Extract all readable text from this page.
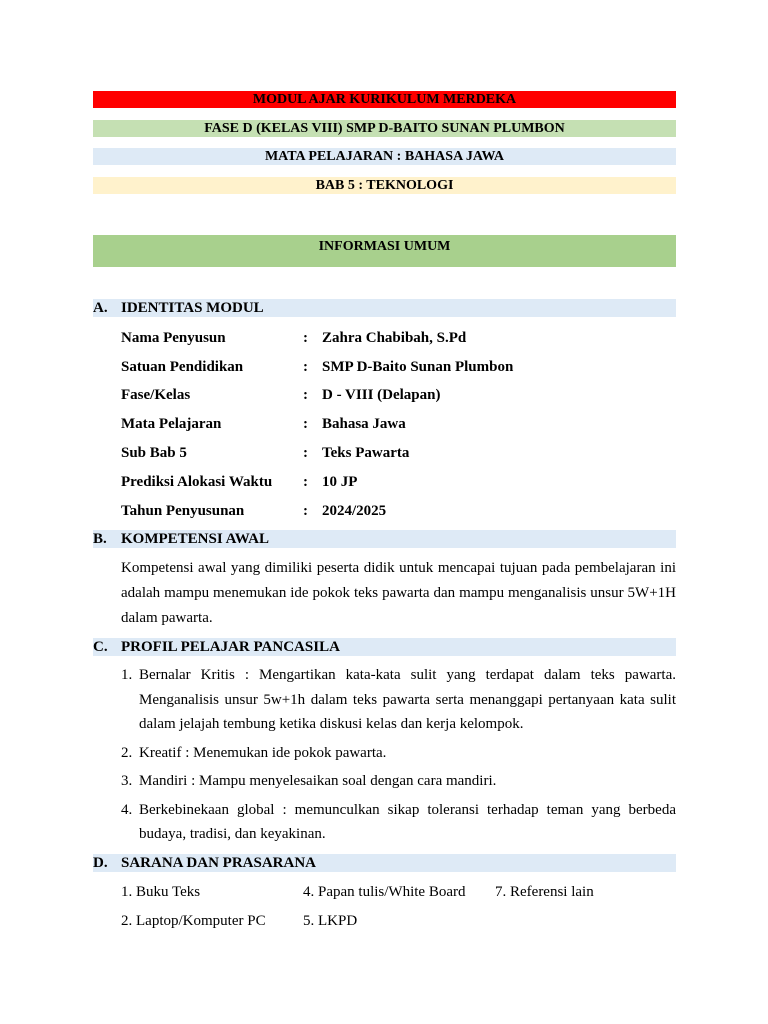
MODUL AJAR KURIKULUM MERDEKA
FASE D (KELAS VIII) SMP D-BAITO SUNAN PLUMBON
MATA PELAJARAN : BAHASA JAWA
BAB 5 : TEKNOLOGI
INFORMASI UMUM
A. IDENTITAS MODUL
Nama Penyusun	: Zahra Chabibah, S.Pd
Satuan Pendidikan	: SMP D-Baito Sunan Plumbon
Fase/Kelas	: D - VIII (Delapan)
Mata Pelajaran	: Bahasa Jawa
Sub Bab 5	: Teks Pawarta
Prediksi Alokasi Waktu : 10 JP
Tahun Penyusunan	: 2024/2025
B. KOMPETENSI AWAL
Kompetensi awal yang dimiliki peserta didik untuk mencapai tujuan pada pembelajaran ini adalah mampu menemukan ide pokok teks pawarta dan mampu menganalisis unsur 5W+1H dalam pawarta.
C. PROFIL PELAJAR PANCASILA
1. Bernalar Kritis : Mengartikan kata-kata sulit yang terdapat dalam teks pawarta. Menganalisis unsur 5w+1h dalam teks pawarta serta menanggapi pertanyaan kata sulit dalam jelajah tembung ketika diskusi kelas dan kerja kelompok.
2. Kreatif : Menemukan ide pokok pawarta.
3. Mandiri : Mampu menyelesaikan soal dengan cara mandiri.
4. Berkebinekaan global : memunculkan sikap toleransi terhadap teman yang berbeda budaya, tradisi, dan keyakinan.
D. SARANA DAN PRASARANA
1. Buku Teks	4. Papan tulis/White Board 7. Referensi lain
2. Laptop/Komputer PC 5. LKPD
